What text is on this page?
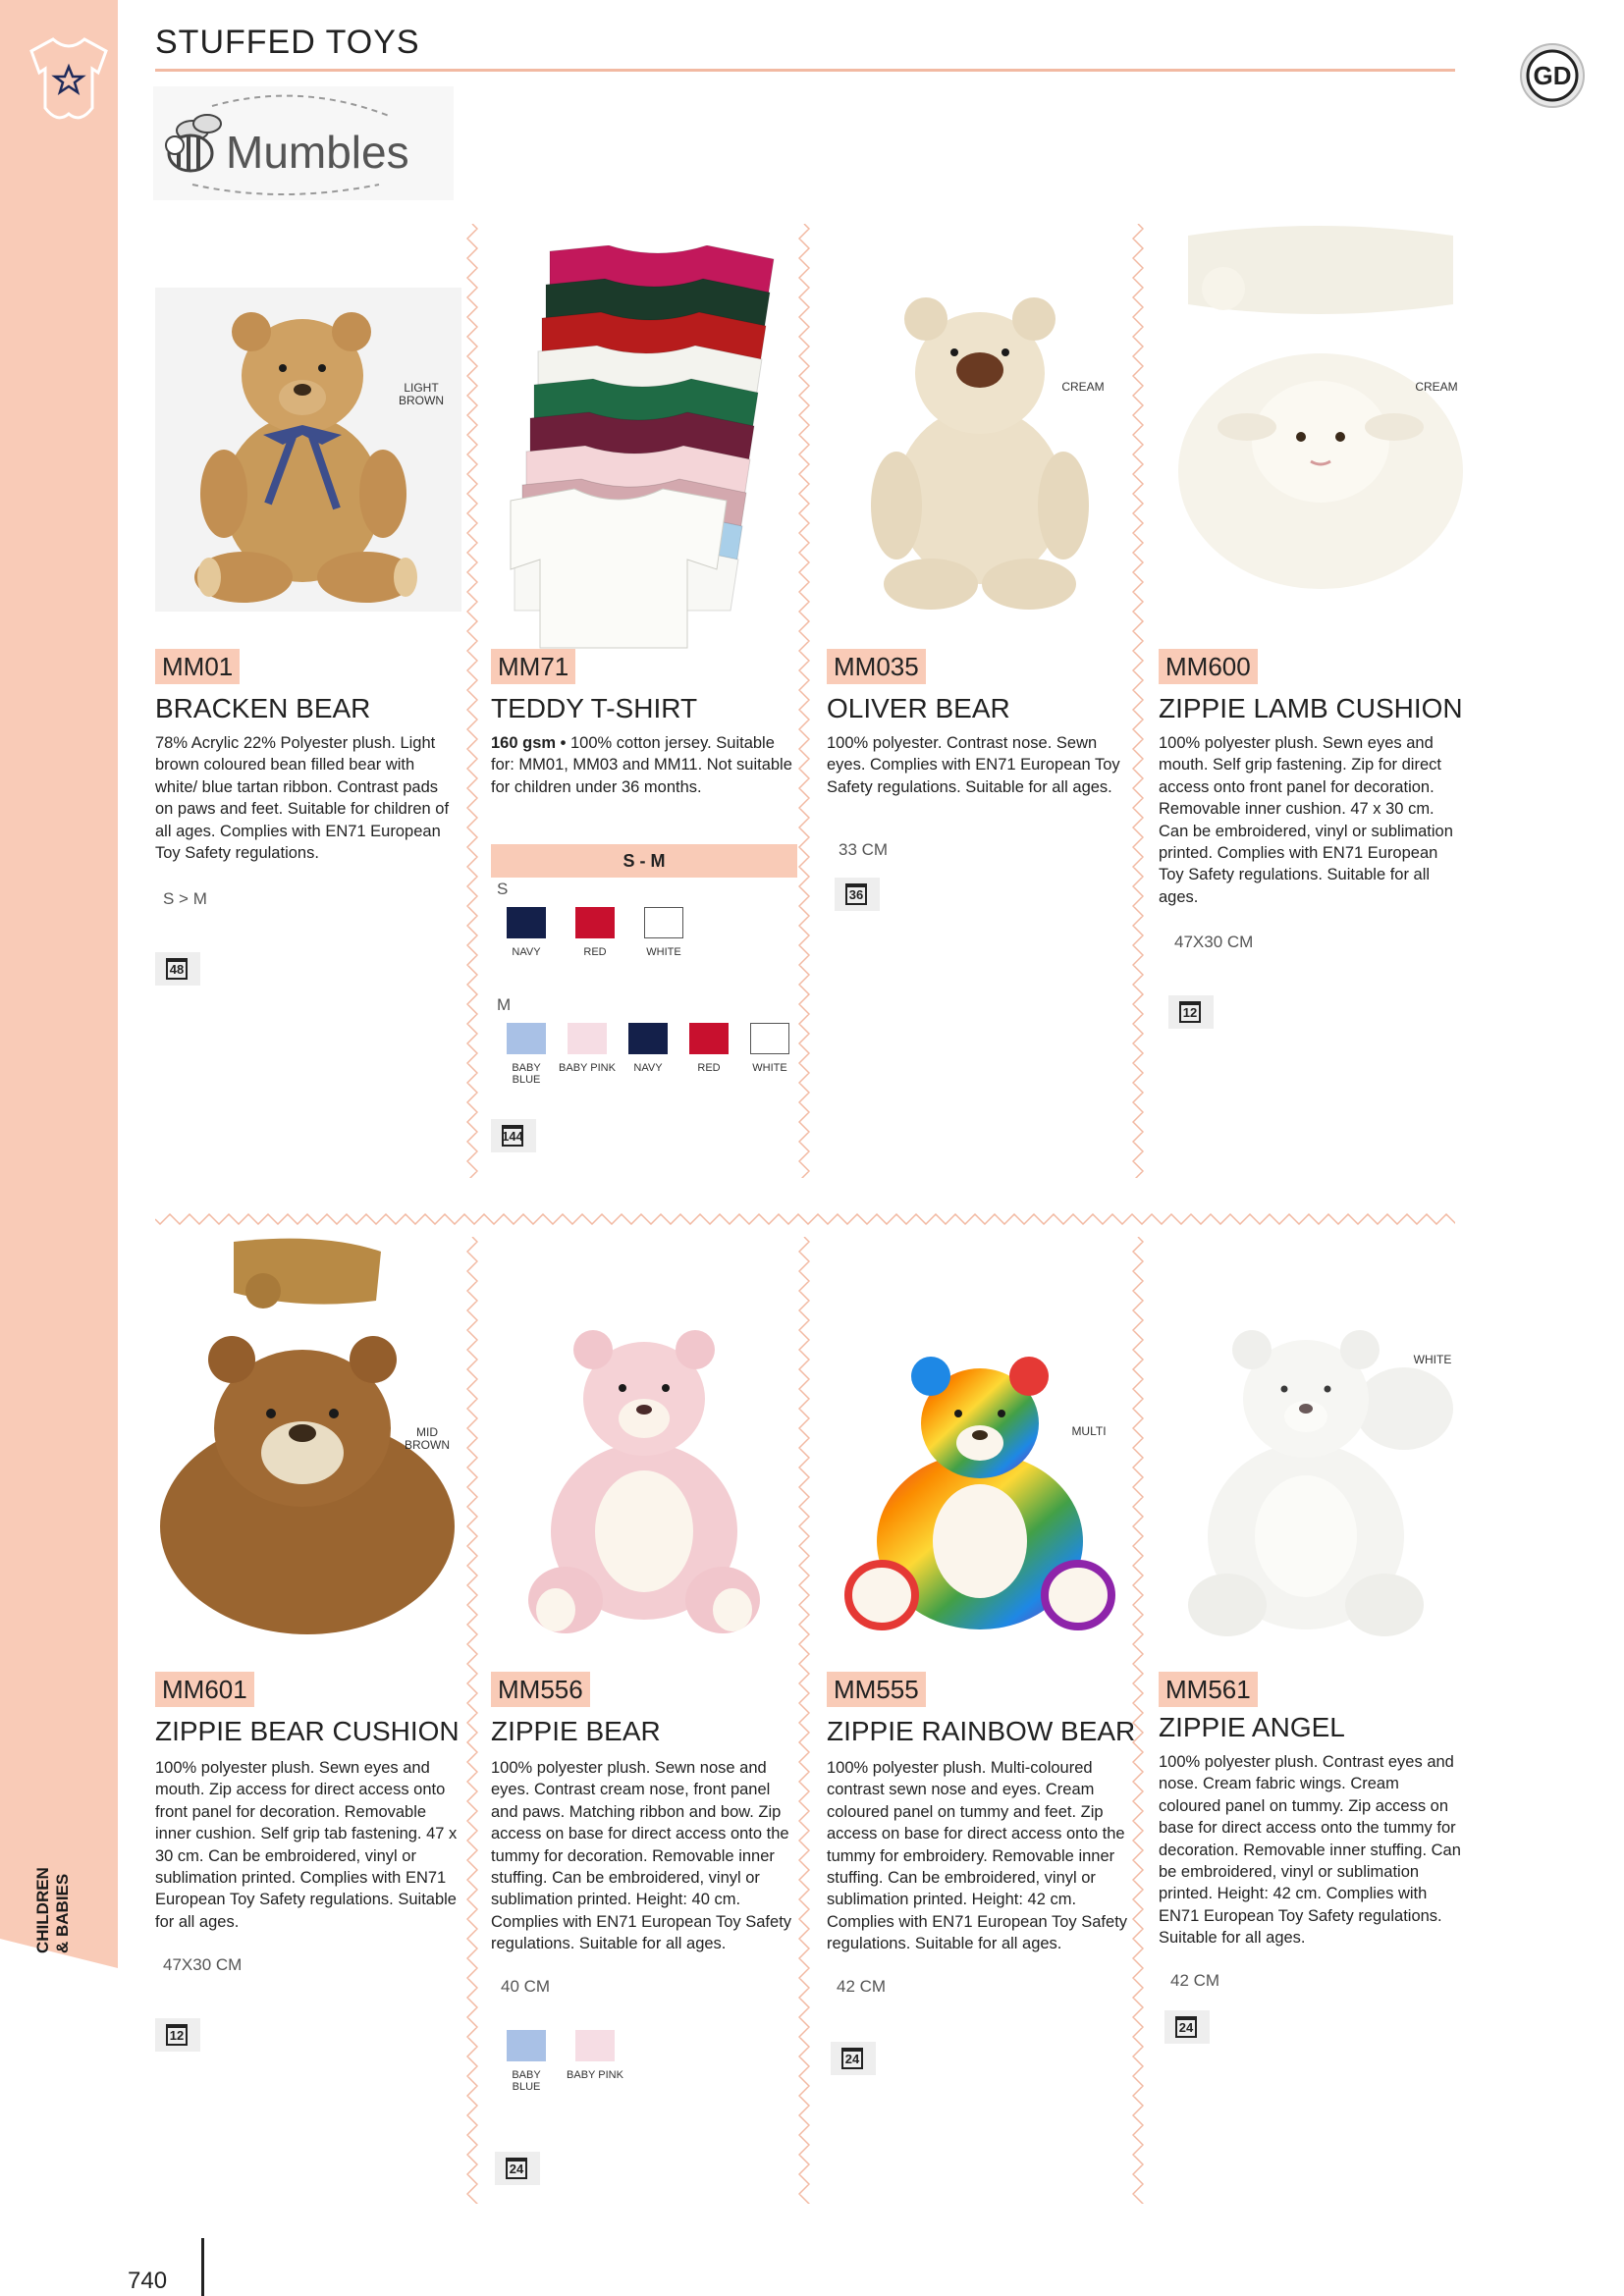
CHILDREN & BABIES
STUFFED TOYS
GD
Mumbles
LIGHT BROWN
MM01
BRACKEN BEAR
78% Acrylic 22% Polyester plush. Light brown coloured bean filled bear with white/ blue tartan ribbon. Contrast pads on paws and feet. Suitable for children of all ages. Complies with EN71 European Toy Safety regulations.
S > M
48
MM71
TEDDY T-SHIRT
160 gsm • 100% cotton jersey. Suitable for: MM01, MM03 and MM11. Not suitable for children under 36 months.
S - M
S
NAVY	RED	WHITE
M
BABY BLUE
BABY PINK	NAVY	RED	WHITE
144
CREAM
MM035
OLIVER BEAR
100% polyester. Contrast nose. Sewn eyes. Complies with EN71 European Toy Safety regulations. Suitable for all ages.
33 CM
36
CREAM
MM600
ZIPPIE LAMB CUSHION
100% polyester plush. Sewn eyes and mouth. Self grip fastening. Zip for direct access onto front panel for decoration. Removable inner cushion. 47 x 30 cm. Can be embroidered, vinyl or sublimation printed. Complies with EN71 European Toy Safety regulations. Suitable for all ages.
47X30 CM
12
MID BROWN
MM601
ZIPPIE BEAR CUSHION
100% polyester plush. Sewn eyes and mouth. Zip access for direct access onto front panel for decoration. Removable inner cushion. Self grip tab fastening. 47 x 30 cm. Can be embroidered, vinyl or sublimation printed. Complies with EN71 European Toy Safety regulations. Suitable for all ages.
47X30 CM
12
MM556
ZIPPIE BEAR
100% polyester plush. Sewn nose and eyes. Contrast cream nose, front panel and paws. Matching ribbon and bow. Zip access on base for direct access onto the tummy for decoration. Removable inner stuffing. Can be embroidered, vinyl or sublimation printed. Height: 40 cm. Complies with EN71 European Toy Safety regulations. Suitable for all ages.
40 CM
BABY BLUE
BABY PINK
24
MULTI
MM555
ZIPPIE RAINBOW BEAR
100% polyester plush. Multi-coloured contrast sewn nose and eyes. Cream coloured panel on tummy and feet. Zip access on base for direct access onto the tummy for embroidery. Removable inner stuffing. Can be embroidered, vinyl or sublimation printed. Height: 42 cm. Complies with EN71 European Toy Safety regulations. Suitable for all ages.
42 CM
24
WHITE
MM561
ZIPPIE ANGEL
100% polyester plush. Contrast eyes and nose. Cream fabric wings. Cream coloured panel on tummy. Zip access on base for direct access onto the tummy for decoration. Removable inner stuffing. Can be embroidered, vinyl or sublimation printed. Height: 42 cm. Complies with EN71 European Toy Safety regulations. Suitable for all ages.
42 CM
24
740
